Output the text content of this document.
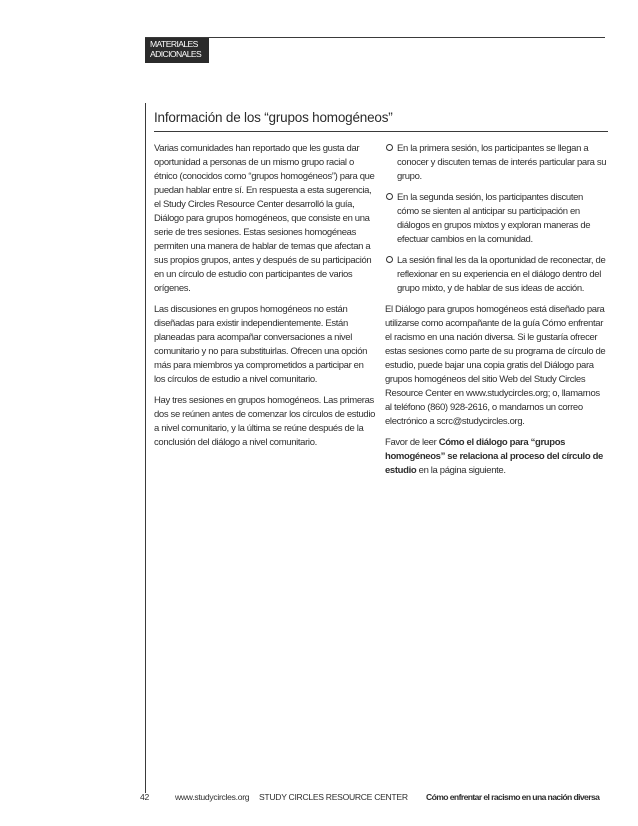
MATERIALES
ADICIONALES
Información de los “grupos homogéneos”

Varias comunidades han reportado que les gusta dar oportunidad a personas de un mismo grupo racial o étnico (conocidos como “grupos homogéneos”) para que puedan hablar entre sí. En respuesta a esta sugerencia, el Study Circles Resource Center desarrolló la guía, Diálogo para grupos homogéneos, que consiste en una serie de tres sesiones. Estas sesiones homogéneas permiten una manera de hablar de temas que afectan a sus propios grupos, antes y después de su participación en un círculo de estudio con participantes de varios orígenes.

Las discusiones en grupos homogéneos no están diseñadas para existir independientemente. Están planeadas para acompañar conversaciones a nivel comunitario y no para substituirlas. Ofrecen una opción más para miembros ya comprometidos a participar en los círculos de estudio a nivel comunitario.

Hay tres sesiones en grupos homogéneos. Las primeras dos se reúnen antes de comenzar los círculos de estudio a nivel comunitario, y la última se reúne después de la conclusión del diálogo a nivel comunitario.

En la primera sesión, los participantes se llegan a conocer y discuten temas de interés particular para su grupo.
En la segunda sesión, los participantes discuten cómo se sienten al anticipar su participación en diálogos en grupos mixtos y exploran maneras de efectuar cambios en la comunidad.
La sesión final les da la oportunidad de reconectar, de reflexionar en su experiencia en el diálogo dentro del grupo mixto, y de hablar de sus ideas de acción.

El Diálogo para grupos homogéneos está diseñado para utilizarse como acompañante de la guía Cómo enfrentar el racismo en una nación diversa. Si le gustaría ofrecer estas sesiones como parte de su programa de círculo de estudio, puede bajar una copia gratis del Diálogo para grupos homogéneos del sitio Web del Study Circles Resource Center en www.studycircles.org; o, llamarnos al teléfono (860) 928-2616, o mandarnos un correo electrónico a scrc@studycircles.org.

Favor de leer Cómo el diálogo para “grupos homogéneos” se relaciona al proceso del círculo de estudio en la página siguiente.

42	www.studycircles.org STUDY CIRCLES RESOURCE CENTER Cómo enfrentar el racismo en una nación diversa
